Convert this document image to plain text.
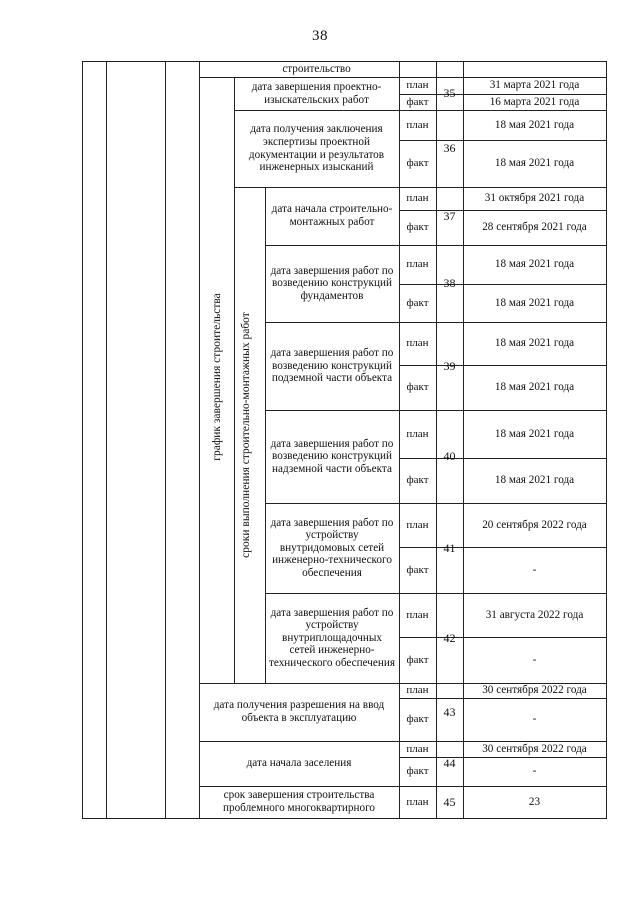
38
график завершения строительства сроки выполнения строительно-монтажных работ
строительство
дата завершения проектно-изыскательских работ
план
факт
35
31 марта 2021 года
16 марта 2021 года
дата получения заключения экспертизы проектной документации и результатов инженерных изысканий
план
факт
36
18 мая 2021 года
18 мая 2021 года
дата начала строительно-монтажных работ
план
факт
37
31 октября 2021 года
28 сентября 2021 года
дата завершения работ по возведению конструкций фундаментов
план
факт
38
18 мая 2021 года
18 мая 2021 года
дата завершения работ по возведению конструкций подземной части объекта
план
факт
39
18 мая 2021 года
18 мая 2021 года
дата завершения работ по возведению конструкций надземной части объекта
план
факт
40
18 мая 2021 года
18 мая 2021 года
дата завершения работ по устройству внутридомовых сетей инженерно-технического обеспечения
план
факт
41
20 сентября 2022 года
-
дата завершения работ по устройству внутриплощадочных сетей инженерно-технического обеспечения
план
факт
42
31 августа 2022 года
-
дата получения разрешения на ввод объекта в эксплуатацию
план
факт
43
30 сентября 2022 года
-
дата начала заселения
план
факт
44
30 сентября 2022 года
-
срок завершения строительства проблемного многоквартирного
план	45	23
